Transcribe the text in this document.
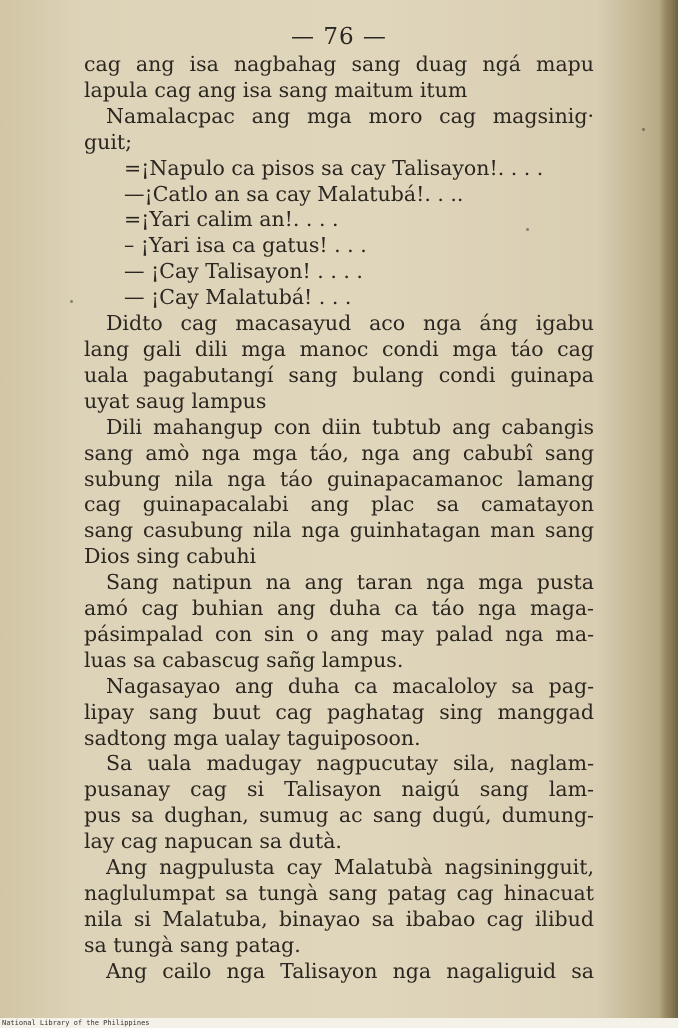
— 76 —
cag ang isa nagbahag sang duag ngá mapu
lapula cag ang isa sang maitum itum
Namalacpac ang mga moro cag magsinig·
guit;
=¡Napulo ca pisos sa cay Talisayon!. . . .
—¡Catlo an sa cay Malatubá!. . ..
=¡Yari calim an!. . . .
– ¡Yari isa ca gatus! . . .
— ¡Cay Talisayon! . . . .
— ¡Cay Malatubá! . . .
Didto cag macasayud aco nga áng igabu
lang gali dili mga manoc condi mga táo cag
uala pagabutangí sang bulang condi guinapa
uyat saug lampus
Dili mahangup con diin tubtub ang cabangis
sang amò nga mga táo, nga ang cabubî sang
subung nila nga táo guinapacamanoc lamang
cag guinapacalabi ang plac sa camatayon
sang casubung nila nga guinhatagan man sang
Dios sing cabuhi
Sang natipun na ang taran nga mga pusta
amó cag buhian ang duha ca táo nga maga-
pásimpalad con sin o ang may palad nga ma-
luas sa cabascug sañg lampus.
Nagasayao ang duha ca macaloloy sa pag-
lipay sang buut cag paghatag sing manggad
sadtong mga ualay taguiposoon.
Sa uala madugay nagpucutay sila, naglam-
pusanay cag si Talisayon naigú sang lam-
pus sa dughan, sumug ac sang dugú, dumung-
lay cag napucan sa dutà.
Ang nagpulusta cay Malatubà nagsiningguit,
naglulumpat sa tungà sang patag cag hinacuat
nila si Malatuba, binayao sa ibabao cag ilibud
sa tungà sang patag.
Ang cailo nga Talisayon nga nagaliguid sa
National Library of the Philippines
